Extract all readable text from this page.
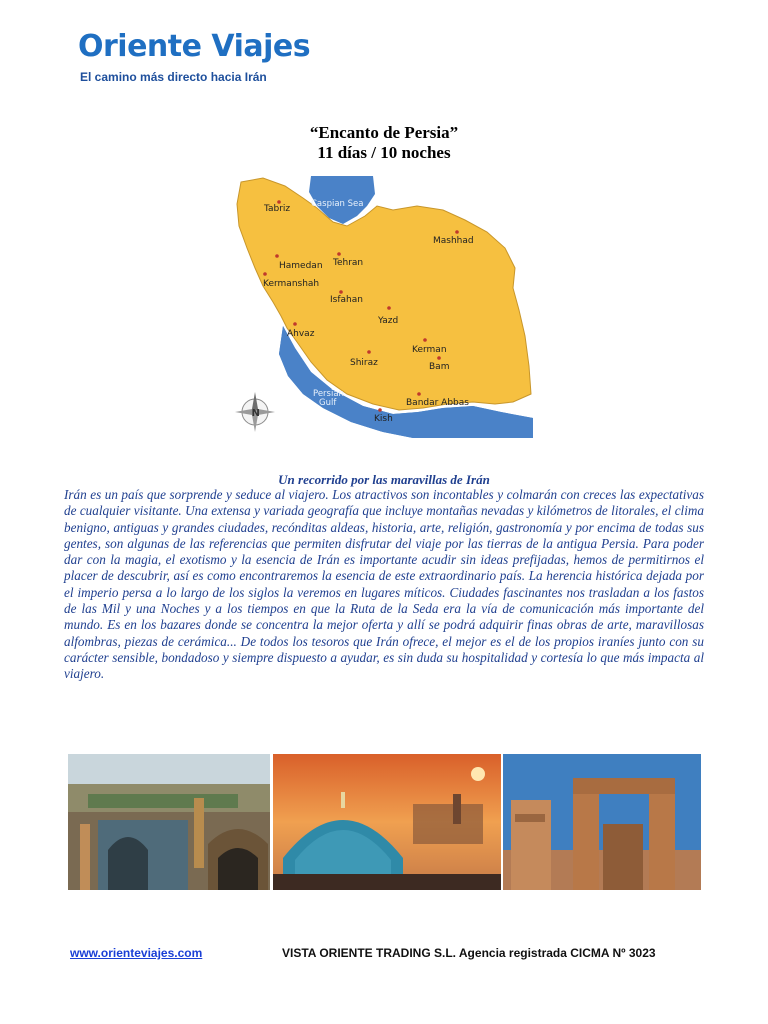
Oriente Viajes
El camino más directo hacia Irán
“Encanto de Persia”
11 días / 10 noches
Caspian Sea
Persian
Gulf
Tabriz
Mashhad
Hamedan Tehran
Kermanshah
Isfahan
Yazd
Ahvaz
Kerman
Shiraz	Bam
Bandar Abbas
Kish
N
Un recorrido por las maravillas de Irán

Irán es un país que sorprende y seduce al viajero. Los atractivos son incontables y colmarán con creces las expectativas de cualquier visitante. Una extensa y variada geografía que incluye montañas nevadas y kilómetros de litorales, el clima benigno, antiguas y grandes ciudades, recónditas aldeas, historia, arte, religión, gastronomía y por encima de todas sus gentes, son algunas de las referencias que permiten disfrutar del viaje por las tierras de la antigua Persia. Para poder dar con la magia, el exotismo y la esencia de Irán es importante acudir sin ideas prefijadas, hemos de permitirnos el placer de descubrir, así es como encontraremos la esencia de este extraordinario país. La herencia histórica dejada por el imperio persa a lo largo de los siglos la veremos en lugares míticos. Ciudades fascinantes nos trasladan a los fastos de las Mil y una Noches y a los tiempos en que la Ruta de la Seda era la vía de comunicación más importante del mundo. Es en los bazares donde se concentra la mejor oferta y allí se podrá adquirir finas obras de arte, maravillosas alfombras, piezas de cerámica... De todos los tesoros que Irán ofrece, el mejor es el de los propios iraníes junto con su carácter sensible, bondadoso y siempre dispuesto a ayudar, es sin duda su hospitalidad y cortesía lo que más impacta al viajero.

www.orienteviajes.com	VISTA ORIENTE TRADING S.L. Agencia registrada CICMA Nº 3023
